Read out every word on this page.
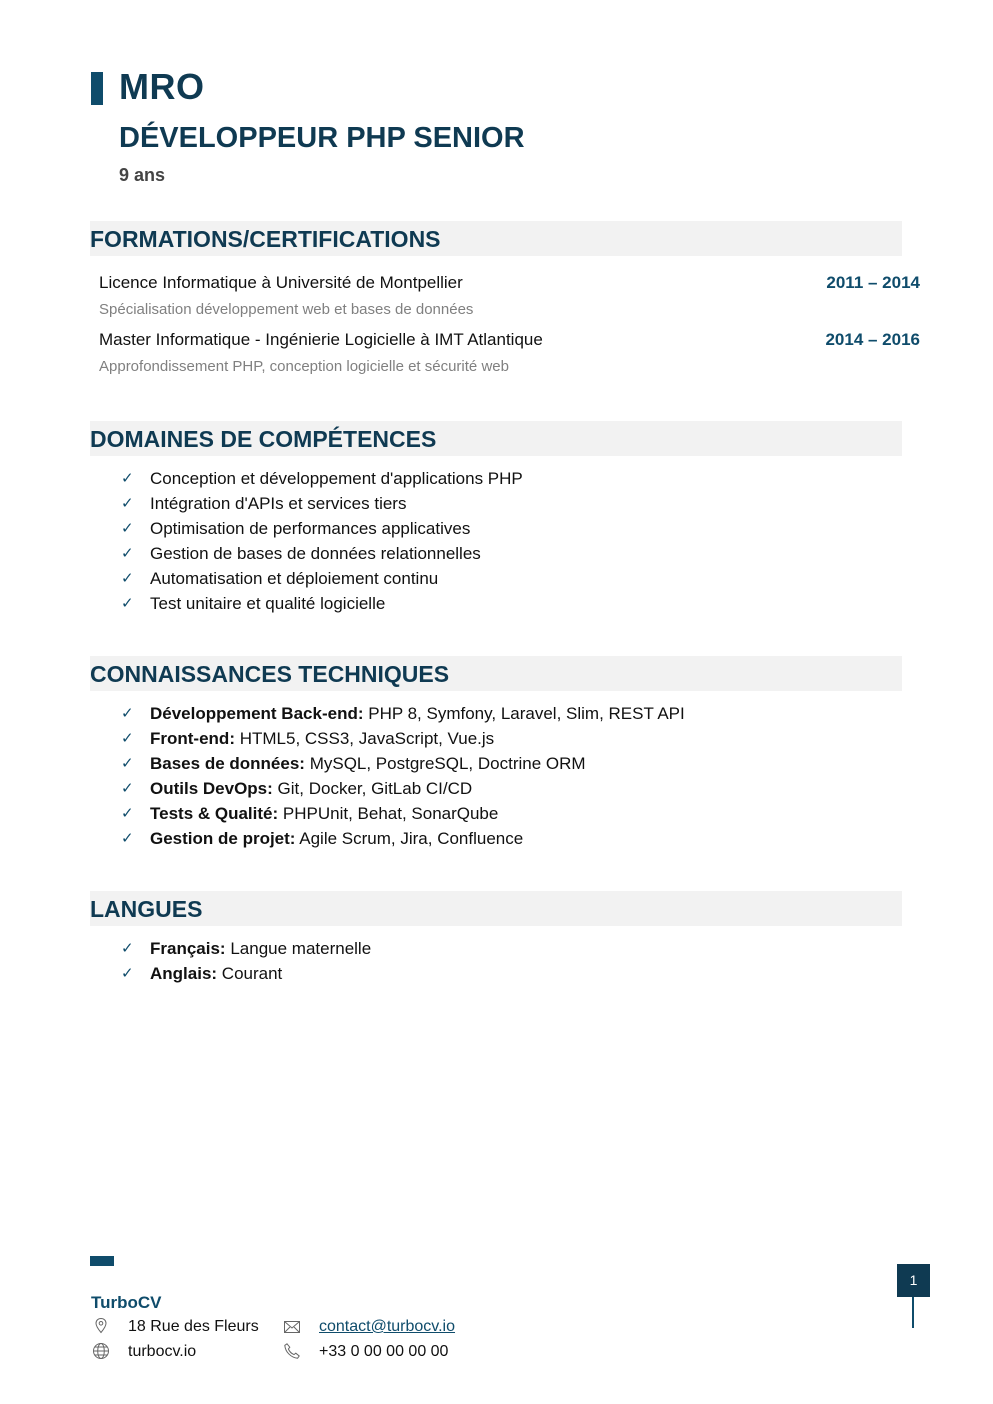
MRO
DÉVELOPPEUR PHP SENIOR
9 ans
FORMATIONS/CERTIFICATIONS
Licence Informatique à Université de Montpellier	2011 – 2014
Spécialisation développement web et bases de données
Master Informatique - Ingénierie Logicielle à IMT Atlantique	2014 – 2016
Approfondissement PHP, conception logicielle et sécurité web
DOMAINES DE COMPÉTENCES
✓ Conception et développement d'applications PHP
✓ Intégration d'APIs et services tiers
✓ Optimisation de performances applicatives
✓ Gestion de bases de données relationnelles
✓ Automatisation et déploiement continu
✓ Test unitaire et qualité logicielle
CONNAISSANCES TECHNIQUES
✓ Développement Back-end: PHP 8, Symfony, Laravel, Slim, REST API
✓ Front-end: HTML5, CSS3, JavaScript, Vue.js
✓ Bases de données: MySQL, PostgreSQL, Doctrine ORM
✓ Outils DevOps: Git, Docker, GitLab CI/CD
✓ Tests & Qualité: PHPUnit, Behat, SonarQube
✓ Gestion de projet: Agile Scrum, Jira, Confluence
LANGUES
✓ Français: Langue maternelle
✓ Anglais: Courant
TurboCV
18 Rue des Fleurs
turbocv.io
contact@turbocv.io
+33 0 00 00 00 00
1
